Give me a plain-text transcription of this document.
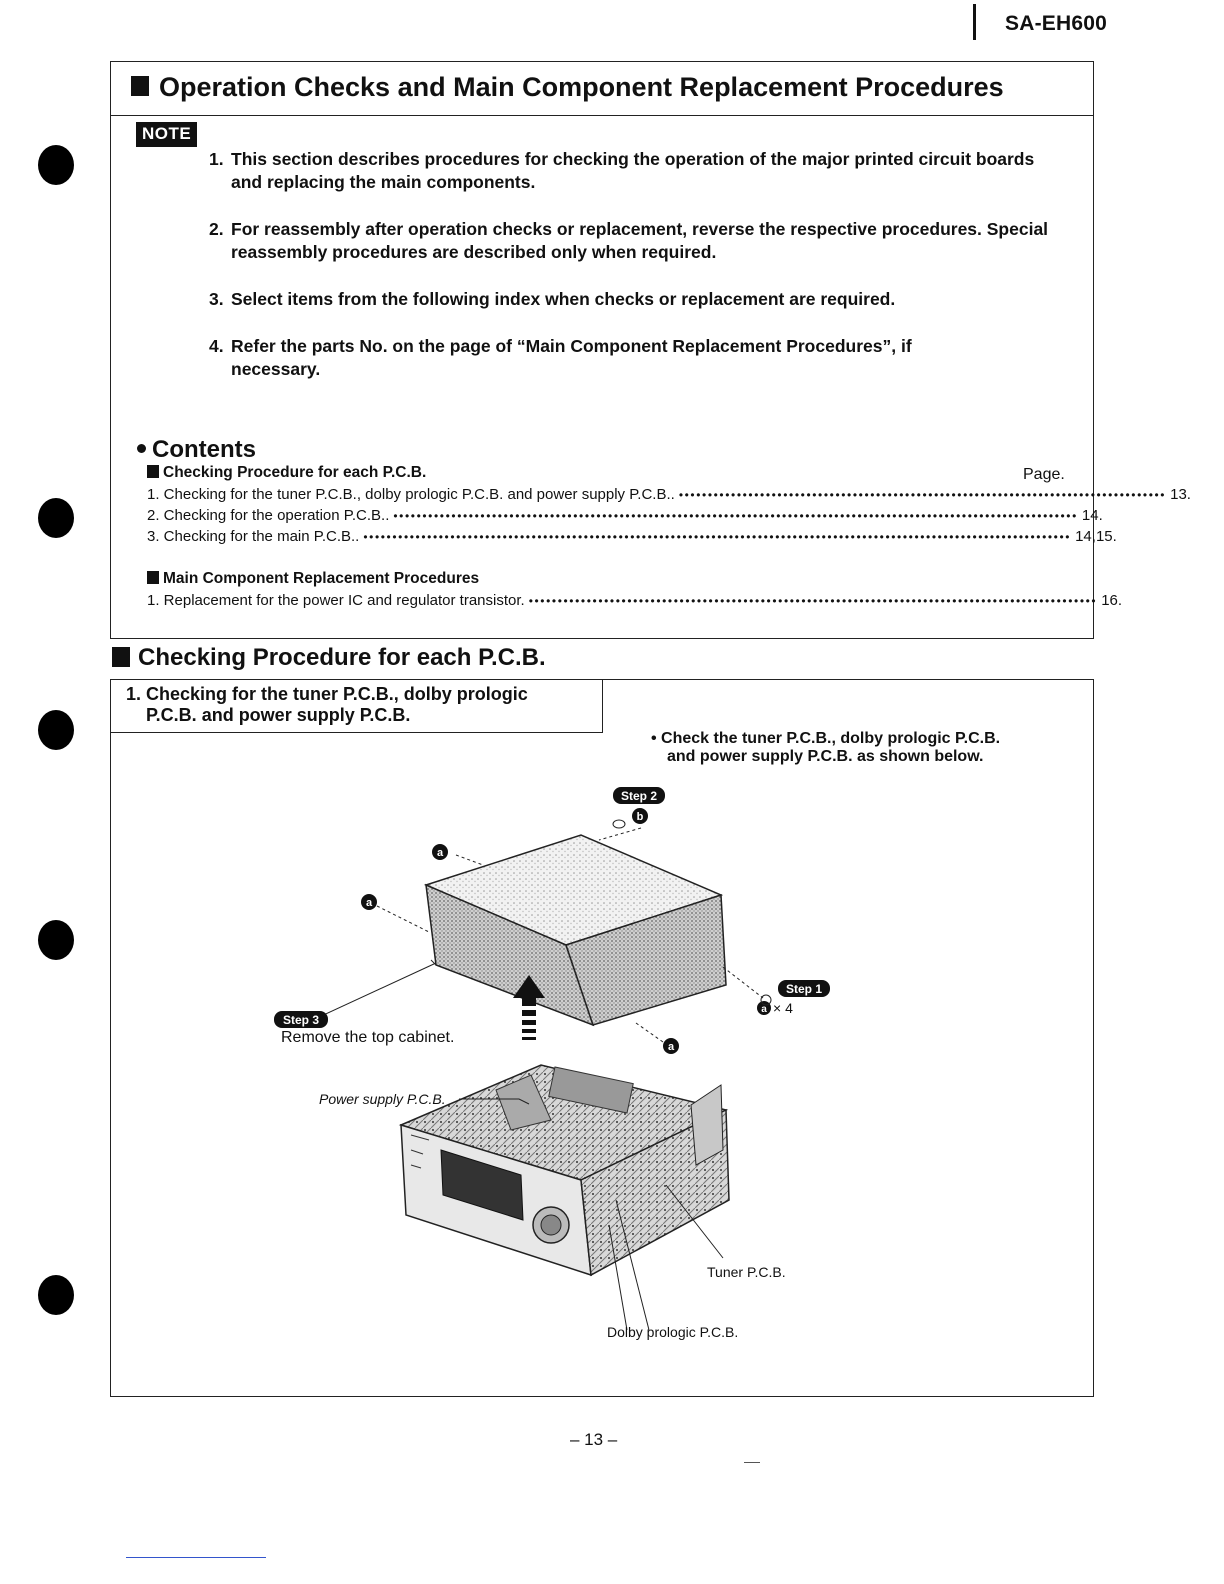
SA-EH600
Operation Checks and Main Component Replacement Procedures
NOTE
1. This section describes procedures for checking the operation of the major printed circuit boards and replacing the main components.
2. For reassembly after operation checks or replacement, reverse the respective procedures. Special reassembly procedures are described only when required.
3. Select items from the following index when checks or replacement are required.
4. Refer the parts No. on the page of “Main Component Replacement Procedures”, if necessary.
Contents
Checking Procedure for each P.C.B.	Page.
1. Checking for the tuner P.C.B., dolby prologic P.C.B. and power supply P.C.B.. •••••••••••••••••••••••••••••••••••••••••••••••••••••••••••••••••••••••••••••••••••• 13.
2. Checking for the operation P.C.B.. •••••••••••••••••••••••••••••••••••••••••••••••••••••••••••••••••••••••••••••••••••••••••••••••••••••••••••••••••••••• 14.
3. Checking for the main P.C.B.. •••••••••••••••••••••••••••••••••••••••••••••••••••••••••••••••••••••••••••••••••••••••••••••••••••••••••••••••••••••••••• 14,15.
Main Component Replacement Procedures
1. Replacement for the power IC and regulator transistor. •••••••••••••••••••••••••••••••••••••••••••••••••••••••••••••••••••••••••••••••••••••••••••••••••• 16.
Checking Procedure for each P.C.B.
1. Checking for the tuner P.C.B., dolby prologic
P.C.B. and power supply P.C.B.
• Check the tuner P.C.B., dolby prologic P.C.B.
and power supply P.C.B. as shown below.
a
a
a
a × 4
b
Step 2
Step 1
Step 3
Remove the top cabinet.
Power supply P.C.B.
Tuner P.C.B.
Dolby prologic P.C.B.
– 13 –
